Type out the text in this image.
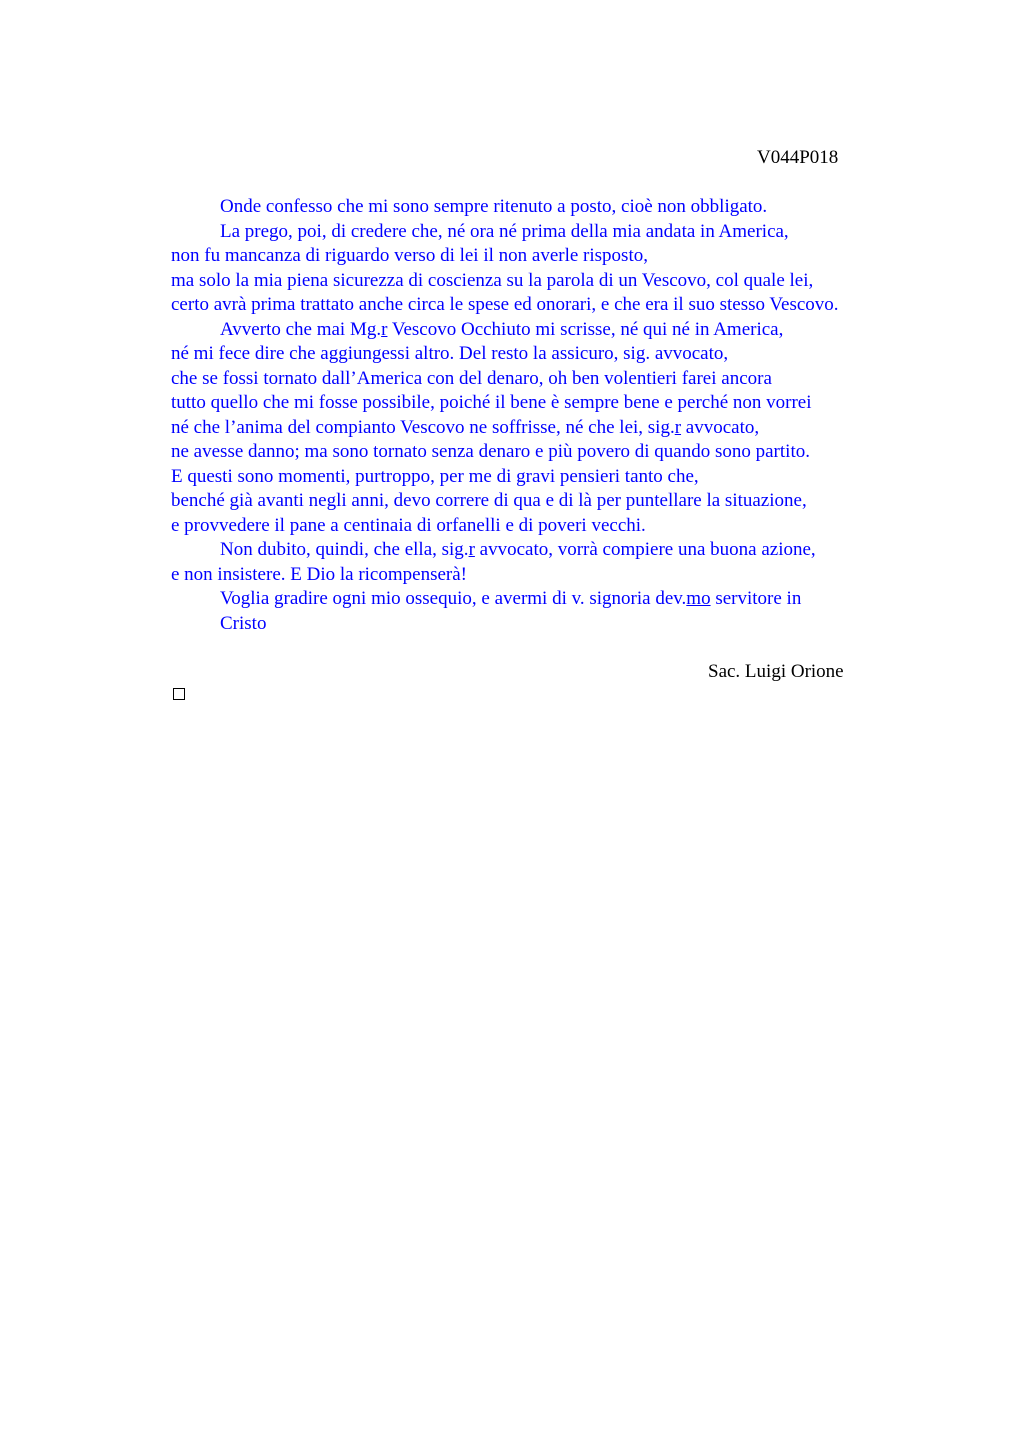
V044P018
Onde confesso che mi sono sempre ritenuto a posto, cioè non obbligato.
La prego, poi, di credere che, né ora né prima della mia andata in America,
non fu mancanza di riguardo verso di lei il non averle risposto,
ma solo la mia piena sicurezza di coscienza su la parola di un Vescovo, col quale lei,
certo avrà prima trattato anche circa le spese ed onorari, e che era il suo stesso Vescovo.
Avverto che mai Mg.r Vescovo Occhiuto mi scrisse, né qui né in America,
né mi fece dire che aggiungessi altro. Del resto la assicuro, sig. avvocato,
che se fossi tornato dall’America con del denaro, oh ben volentieri farei ancora
tutto quello che mi fosse possibile, poiché il bene è sempre bene e perché non vorrei
né che l’anima del compianto Vescovo ne soffrisse, né che lei, sig.r avvocato,
ne avesse danno; ma sono tornato senza denaro e più povero di quando sono partito.
E questi sono momenti, purtroppo, per me di gravi pensieri tanto che,
benché già avanti negli anni, devo correre di qua e di là per puntellare la situazione,
e provvedere il pane a centinaia di orfanelli e di poveri vecchi.
Non dubito, quindi, che ella, sig.r avvocato, vorrà compiere una buona azione,
e non insistere. E Dio la ricompenserà!
Voglia gradire ogni mio ossequio, e avermi di v. signoria dev.mo servitore in
Cristo
Sac. Luigi Orione
